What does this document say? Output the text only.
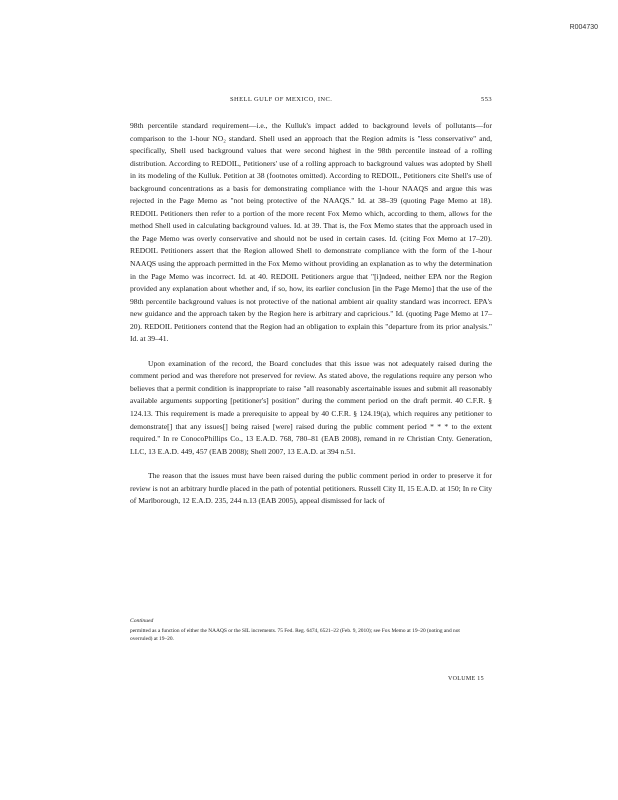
R004730
SHELL GULF OF MEXICO, INC.	553

98th percentile standard requirement—i.e., the Kulluk's impact added to background levels of pollutants—for comparison to the 1-hour NO₂ standard. Shell used an approach that the Region admits is "less conservative" and, specifically, Shell used background values that were second highest in the 98th percentile instead of a rolling distribution. According to REDOIL, Petitioners' use of a rolling approach to background values was adopted by Shell in its modeling of the Kulluk. Petition at 38 (footnotes omitted). According to REDOIL, Petitioners cite Shell's use of background concentrations as a basis for demonstrating compliance with the 1-hour NAAQS and argue this was rejected in the Page Memo as "not being protective of the NAAQS." Id. at 38–39 (quoting Page Memo at 18). REDOIL Petitioners then refer to a portion of the more recent Fox Memo which, according to them, allows for the method Shell used in calculating background values. Id. at 39. That is, the Fox Memo states that the approach used in the Page Memo was overly conservative and should not be used in certain cases. Id. (citing Fox Memo at 17–20). REDOIL Petitioners assert that the Region allowed Shell to demonstrate compliance with the form of the 1-hour NAAQS using the approach permitted in the Fox Memo without providing an explanation as to why the determination in the Page Memo was incorrect. Id. at 40. REDOIL Petitioners argue that "[i]ndeed, neither EPA nor the Region provided any explanation about whether and, if so, how, its earlier conclusion [in the Page Memo] that the use of the 98th percentile background values is not protective of the national ambient air quality standard was incorrect. EPA's new guidance and the approach taken by the Region here is arbitrary and capricious." Id. (quoting Page Memo at 17–20). REDOIL Petitioners contend that the Region had an obligation to explain this "departure from its prior analysis." Id. at 39–41.

Upon examination of the record, the Board concludes that this issue was not adequately raised during the comment period and was therefore not preserved for review. As stated above, the regulations require any person who believes that a permit condition is inappropriate to raise "all reasonably ascertainable issues and submit all reasonably available arguments supporting [petitioner's] position" during the comment period on the draft permit. 40 C.F.R. § 124.13. This requirement is made a prerequisite to appeal by 40 C.F.R. § 124.19(a), which requires any petitioner to demonstrate[] that any issues[] being raised [were] raised during the public comment period * * * to the extent required." In re ConocoPhillips Co., 13 E.A.D. 768, 780–81 (EAB 2008), remand in re Christian Cnty. Generation, LLC, 13 E.A.D. 449, 457 (EAB 2008); Shell 2007, 13 E.A.D. at 394 n.51.

The reason that the issues must have been raised during the public comment period in order to preserve it for review is not an arbitrary hurdle placed in the path of potential petitioners. Russell City II, 15 E.A.D. at 150; In re City of Marlborough, 12 E.A.D. 235, 244 n.13 (EAB 2005), appeal dismissed for lack of

Continued
permitted as a function of either the NAAQS or the SIL increments. 75 Fed. Reg. 6474, 6521–22 (Feb. 9, 2010); see Fox Memo at 19–20 (noting and not overruled) at 19–20.
VOLUME 15
